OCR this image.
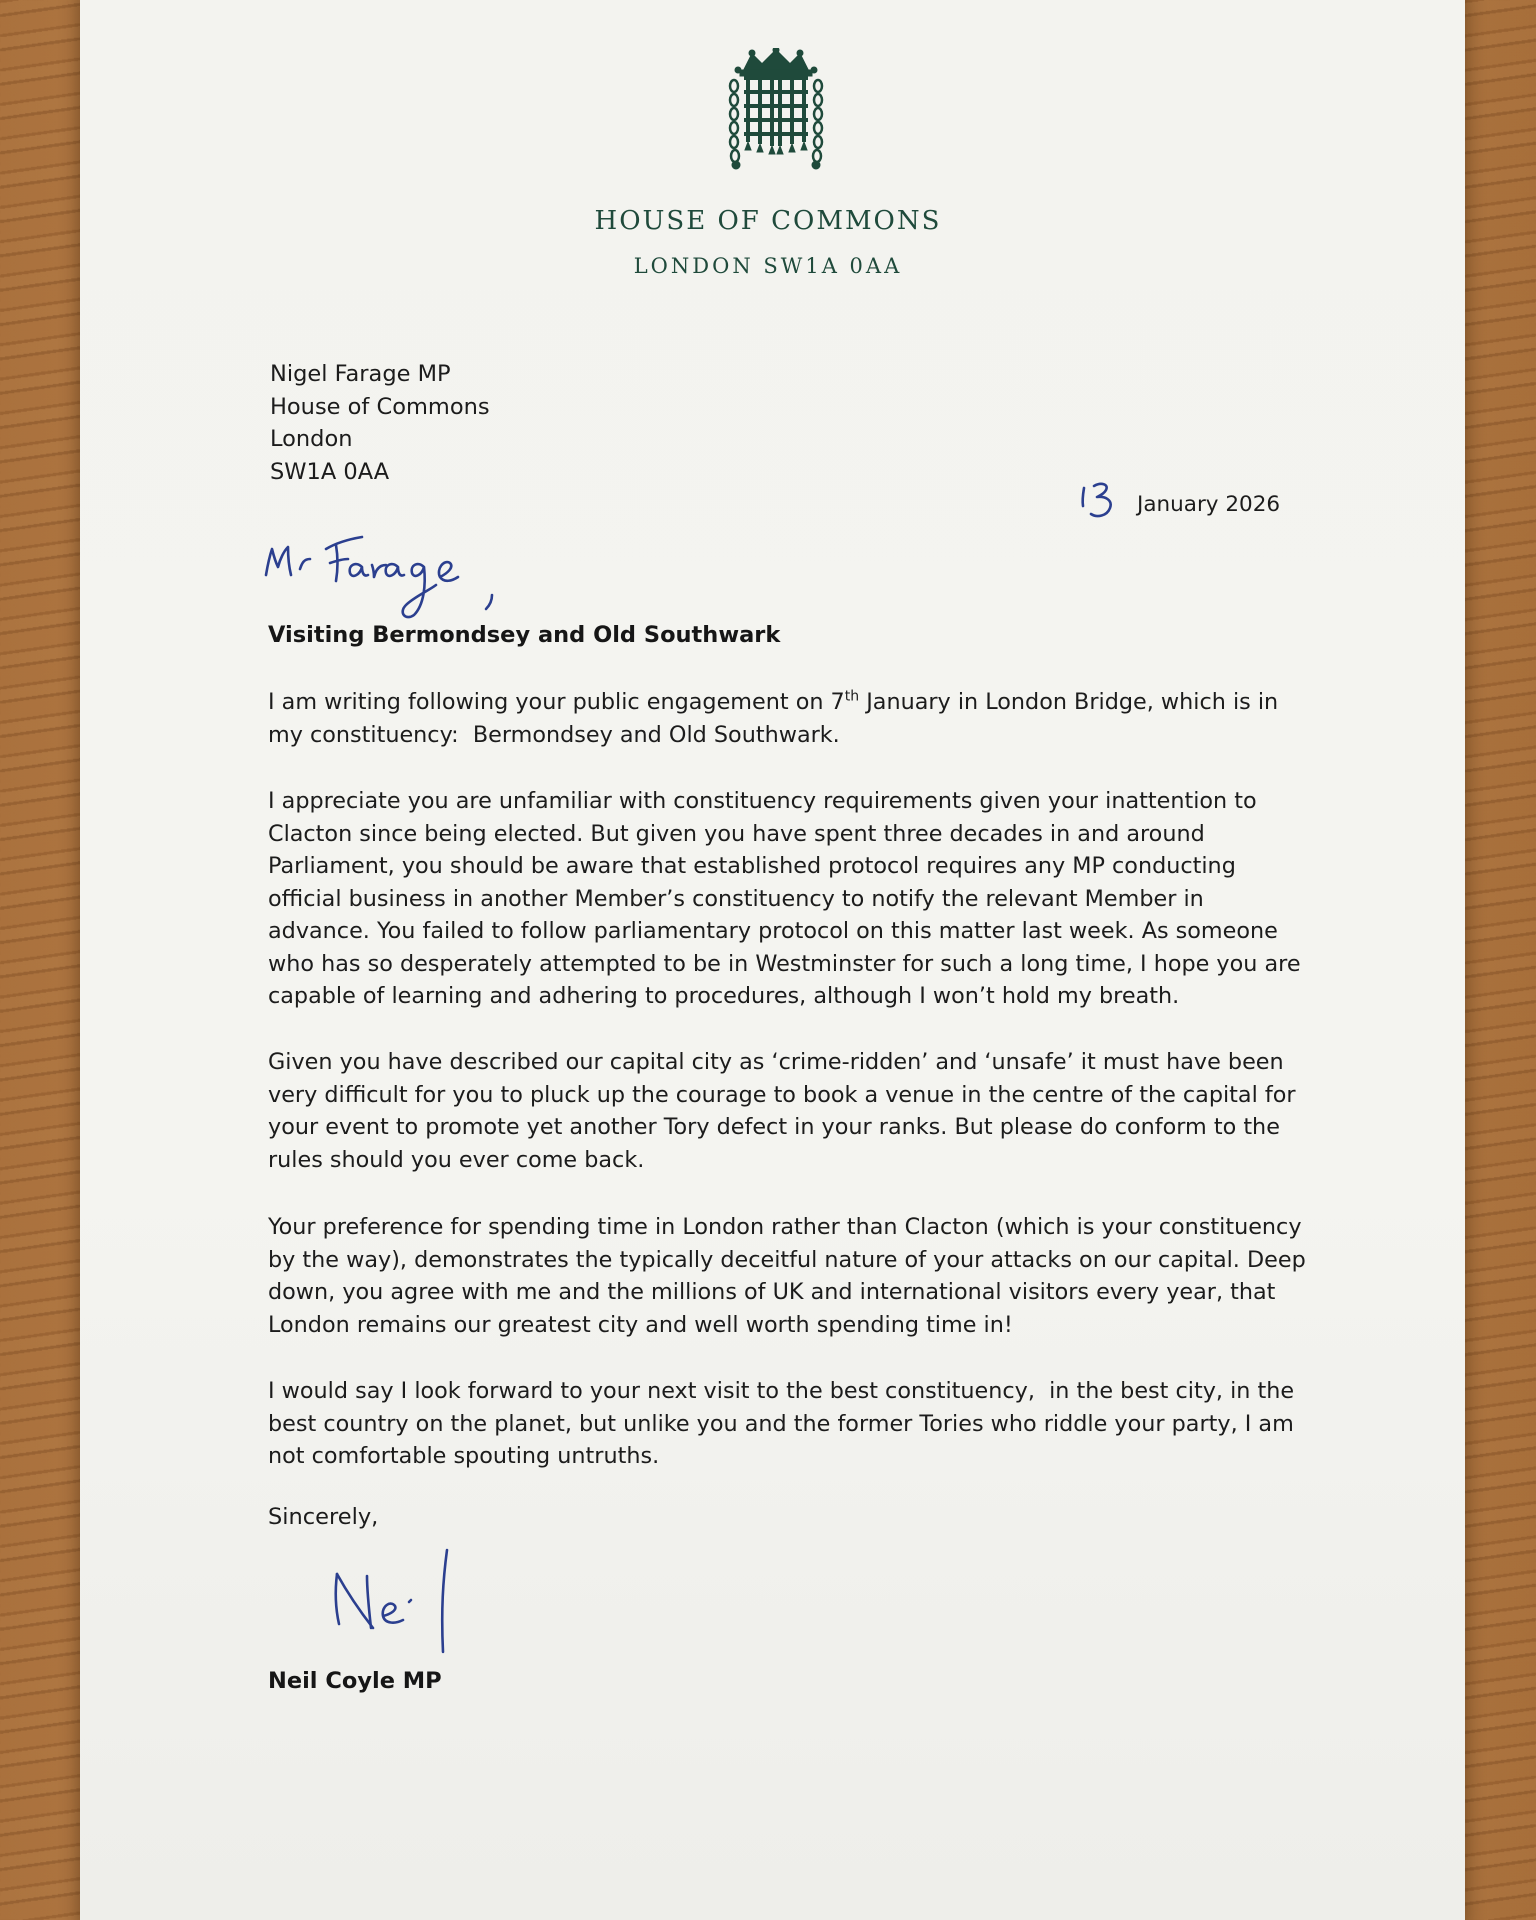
HOUSE OF COMMONS
LONDON SW1A 0AA
Nigel Farage MP
House of Commons
London
SW1A 0AA
January 2026
Visiting Bermondsey and Old Southwark
I am writing following your public engagement on 7th January in London Bridge, which is in
my constituency:  Bermondsey and Old Southwark.
I appreciate you are unfamiliar with constituency requirements given your inattention to
Clacton since being elected. But given you have spent three decades in and around
Parliament, you should be aware that established protocol requires any MP conducting
official business in another Member’s constituency to notify the relevant Member in
advance. You failed to follow parliamentary protocol on this matter last week. As someone
who has so desperately attempted to be in Westminster for such a long time, I hope you are
capable of learning and adhering to procedures, although I won’t hold my breath.
Given you have described our capital city as ‘crime-ridden’ and ‘unsafe’ it must have been
very difficult for you to pluck up the courage to book a venue in the centre of the capital for
your event to promote yet another Tory defect in your ranks. But please do conform to the
rules should you ever come back.
Your preference for spending time in London rather than Clacton (which is your constituency
by the way), demonstrates the typically deceitful nature of your attacks on our capital. Deep
down, you agree with me and the millions of UK and international visitors every year, that
London remains our greatest city and well worth spending time in!
I would say I look forward to your next visit to the best constituency,  in the best city, in the
best country on the planet, but unlike you and the former Tories who riddle your party, I am
not comfortable spouting untruths.
Sincerely,
Neil Coyle MP
